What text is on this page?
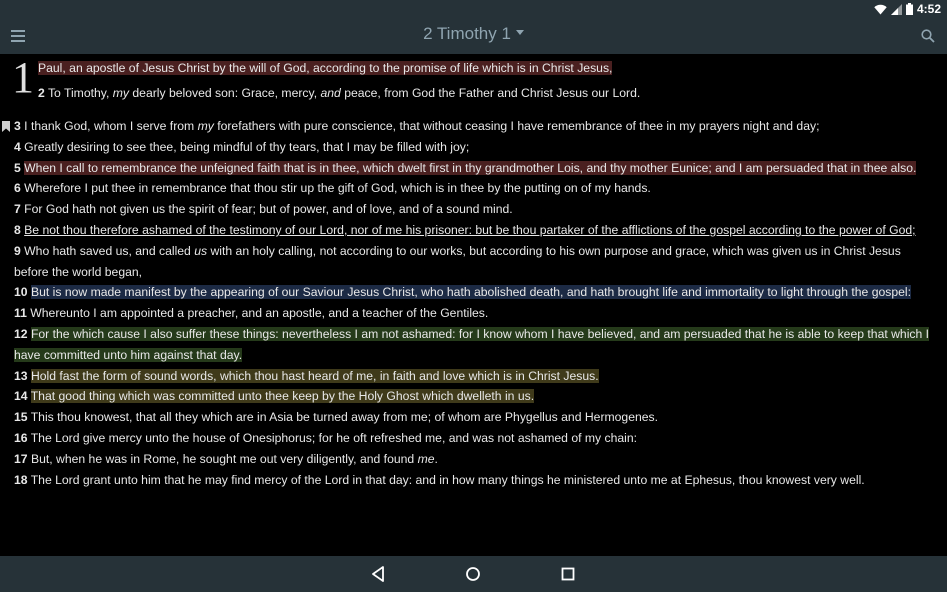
4:52
2 Timothy 1
1 Paul, an apostle of Jesus Christ by the will of God, according to the promise of life which is in Christ Jesus,
2 To Timothy, my dearly beloved son: Grace, mercy, and peace, from God the Father and Christ Jesus our Lord.

3 I thank God, whom I serve from my forefathers with pure conscience, that without ceasing I have remembrance of thee in my prayers night and day;

4 Greatly desiring to see thee, being mindful of thy tears, that I may be filled with joy;

5 When I call to remembrance the unfeigned faith that is in thee, which dwelt first in thy grandmother Lois, and thy mother Eunice; and I am persuaded that in thee also.

6 Wherefore I put thee in remembrance that thou stir up the gift of God, which is in thee by the putting on of my hands.

7 For God hath not given us the spirit of fear; but of power, and of love, and of a sound mind.

8 Be not thou therefore ashamed of the testimony of our Lord, nor of me his prisoner: but be thou partaker of the afflictions of the gospel according to the power of God;

9 Who hath saved us, and called us with an holy calling, not according to our works, but according to his own purpose and grace, which was given us in Christ Jesus before the world began,

10 But is now made manifest by the appearing of our Saviour Jesus Christ, who hath abolished death, and hath brought life and immortality to light through the gospel:

11 Whereunto I am appointed a preacher, and an apostle, and a teacher of the Gentiles.

12 For the which cause I also suffer these things: nevertheless I am not ashamed: for I know whom I have believed, and am persuaded that he is able to keep that which I have committed unto him against that day.

13 Hold fast the form of sound words, which thou hast heard of me, in faith and love which is in Christ Jesus.

14 That good thing which was committed unto thee keep by the Holy Ghost which dwelleth in us.

15 This thou knowest, that all they which are in Asia be turned away from me; of whom are Phygellus and Hermogenes.

16 The Lord give mercy unto the house of Onesiphorus; for he oft refreshed me, and was not ashamed of my chain:

17 But, when he was in Rome, he sought me out very diligently, and found me.

18 The Lord grant unto him that he may find mercy of the Lord in that day: and in how many things he ministered unto me at Ephesus, thou knowest very well.
